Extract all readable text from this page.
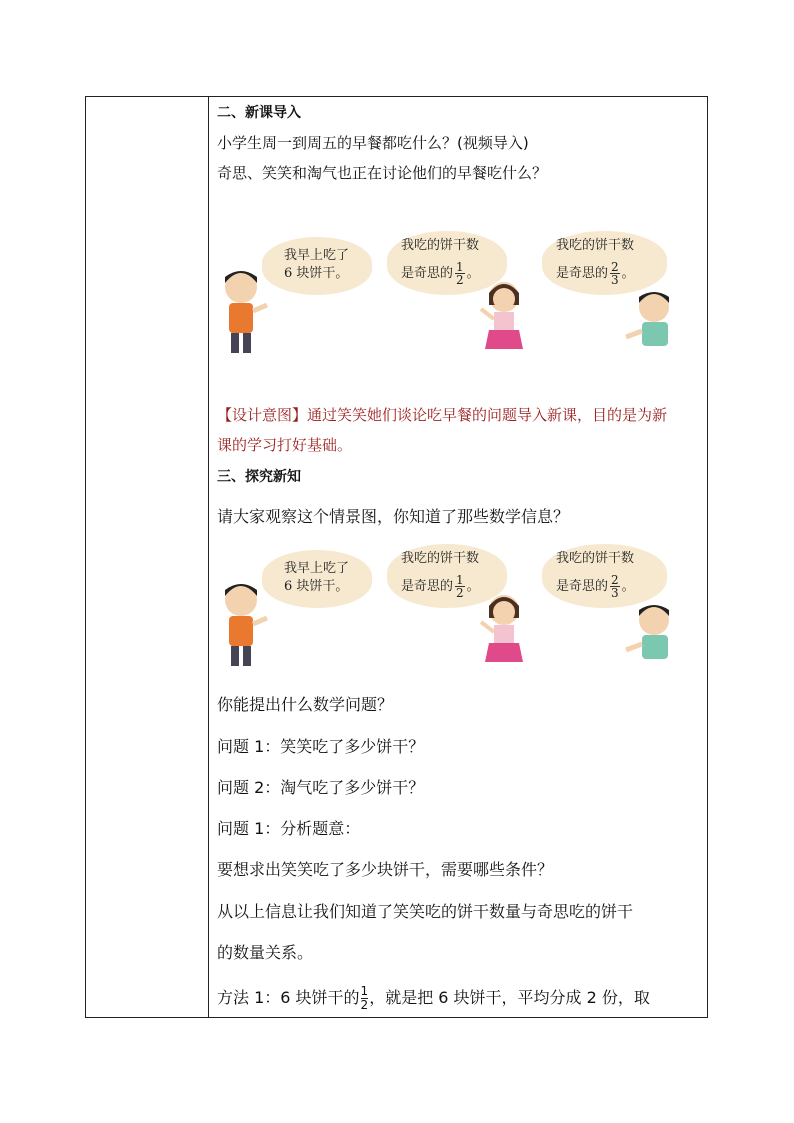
二、新课导入
小学生周一到周五的早餐都吃什么？(视频导入)
奇思、笑笑和淘气也正在讨论他们的早餐吃什么？
我早上吃了
6 块饼干。
我吃的饼干数
是奇思的 $\frac{1}{2}$ 。
我吃的饼干数
是奇思的 $\frac{2}{3}$ 。
【设计意图】通过笑笑她们谈论吃早餐的问题导入新课，目的是为新
课的学习打好基础。
三、探究新知
请大家观察这个情景图，你知道了那些数学信息？
我早上吃了
6 块饼干。
我吃的饼干数
是奇思的 $\frac{1}{2}$ 。
我吃的饼干数
是奇思的 $\frac{2}{3}$ 。
你能提出什么数学问题？
问题 1：笑笑吃了多少饼干？
问题 2：淘气吃了多少饼干？
问题 1：分析题意：
要想求出笑笑吃了多少块饼干，需要哪些条件？
从以上信息让我们知道了笑笑吃的饼干数量与奇思吃的饼干
的数量关系。
方法 1：6 块饼干的 $\frac{1}{2}$ ，就是把 6 块饼干，平均分成 2 份，取
